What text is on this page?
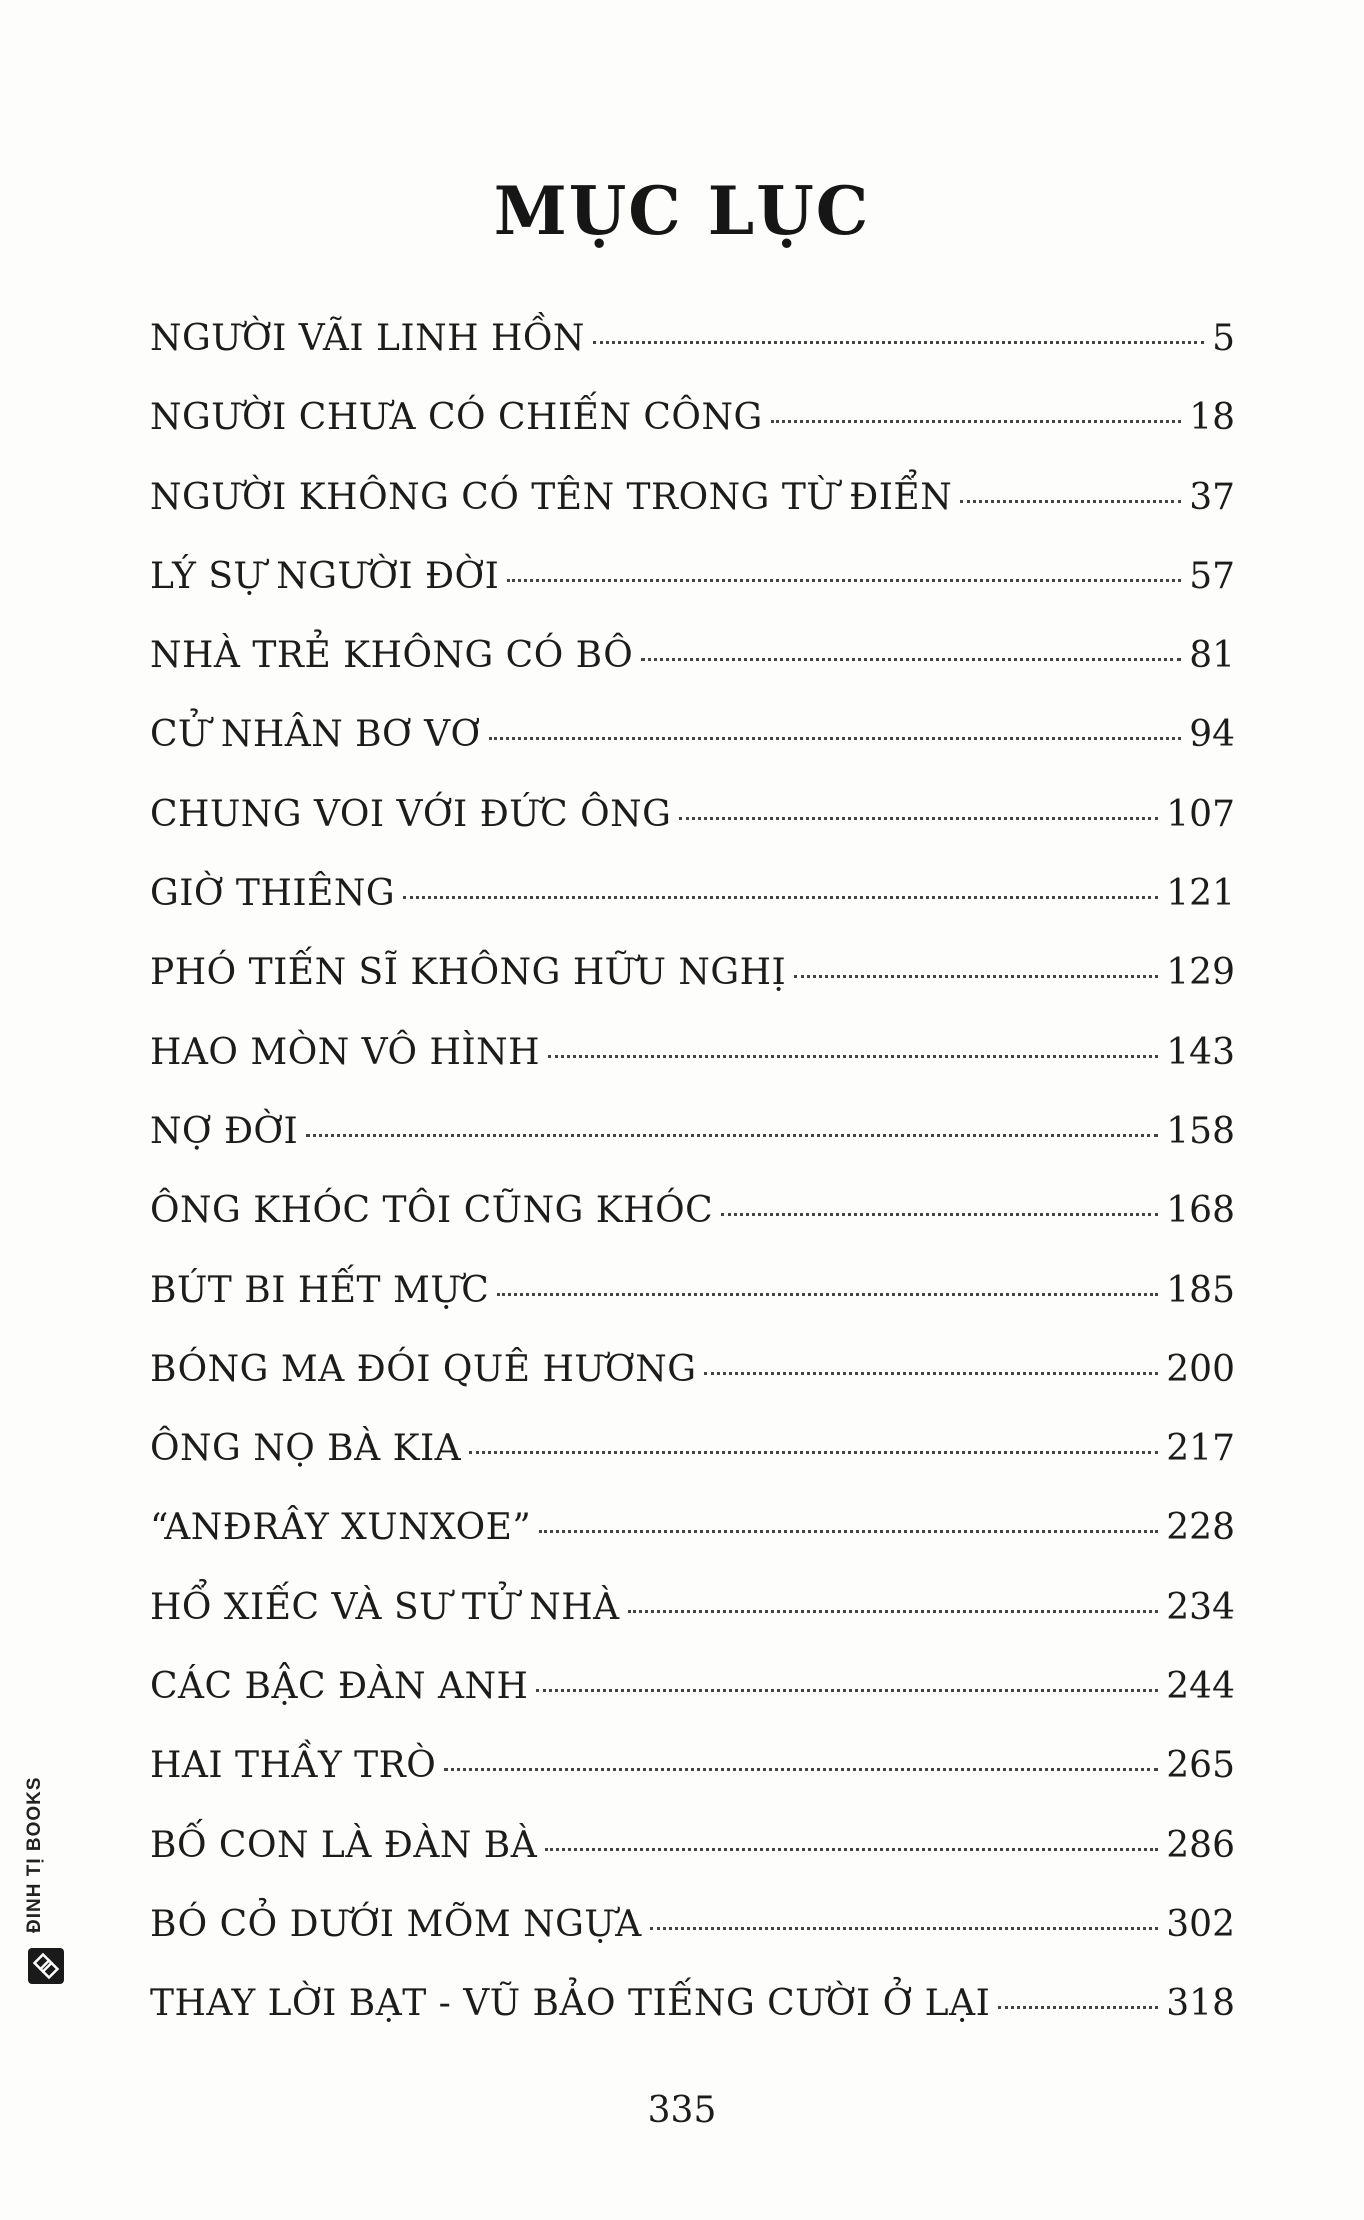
MỤC LỤC
NGƯỜI VÃI LINH HỒN	5
NGƯỜI CHƯA CÓ CHIẾN CÔNG	18
NGƯỜI KHÔNG CÓ TÊN TRONG TỪ ĐIỂN	37
LÝ SỰ NGƯỜI ĐỜI	57
NHÀ TRẺ KHÔNG CÓ BÔ	81
CỬ NHÂN BƠ VƠ	94
CHUNG VOI VỚI ĐỨC ÔNG	107
GIỜ THIÊNG	121
PHÓ TIẾN SĨ KHÔNG HỮU NGHỊ	129
HAO MÒN VÔ HÌNH	143
NỢ ĐỜI	158
ÔNG KHÓC TÔI CŨNG KHÓC	168
BÚT BI HẾT MỰC	185
BÓNG MA ĐÓI QUÊ HƯƠNG	200
ÔNG NỌ BÀ KIA	217
“ANĐRÂY XUNXOE”	228
HỔ XIẾC VÀ SƯ TỬ NHÀ	234
CÁC BẬC ĐÀN ANH	244
HAI THẦY TRÒ	265
BỐ CON LÀ ĐÀN BÀ	286
BÓ CỎ DƯỚI MÕM NGỰA	302
THAY LỜI BẠT - VŨ BẢO TIẾNG CƯỜI Ở LẠI	318
335
ĐINH TỊ BOOKS
